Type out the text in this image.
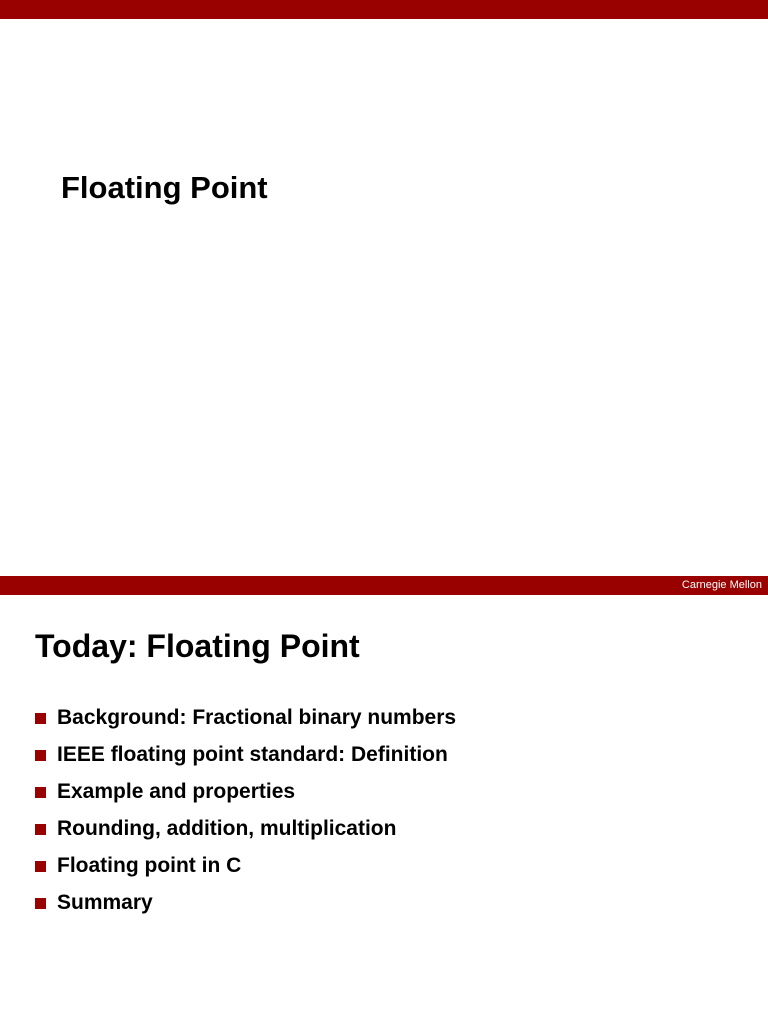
Floating Point
Carnegie Mellon
Today: Floating Point
Background: Fractional binary numbers
IEEE floating point standard: Definition
Example and properties
Rounding, addition, multiplication
Floating point in C
Summary
